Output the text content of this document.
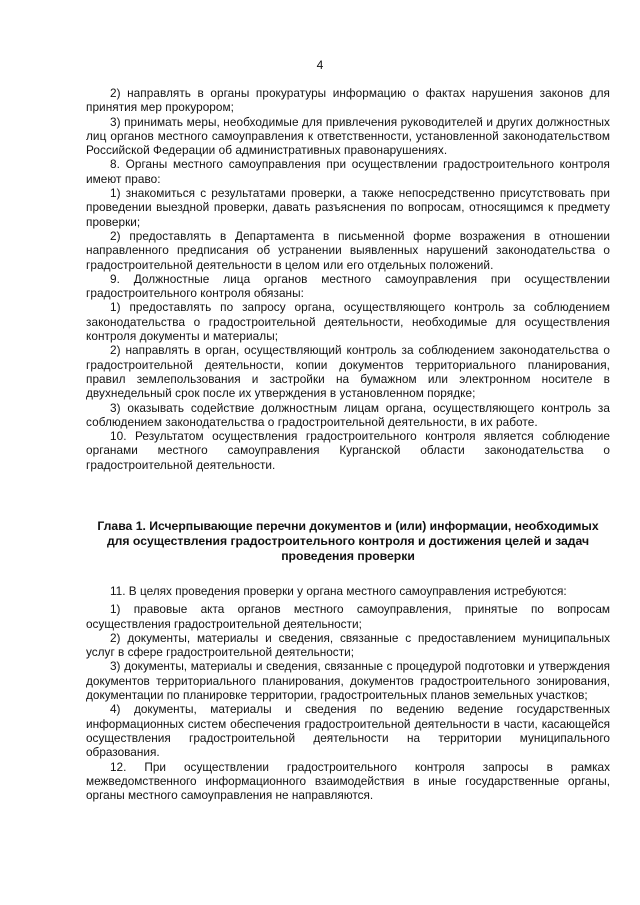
4

2) направлять в органы прокуратуры информацию о фактах нарушения законов для принятия мер прокурором;

3) принимать меры, необходимые для привлечения руководителей и других должностных лиц органов местного самоуправления к ответственности, установленной законодательством Российской Федерации об административных правонарушениях.

8. Органы местного самоуправления при осуществлении градостроительного контроля имеют право:

1) знакомиться с результатами проверки, а также непосредственно присутствовать при проведении выездной проверки, давать разъяснения по вопросам, относящимся к предмету проверки;

2) предоставлять в Департамента в письменной форме возражения в отношении направленного предписания об устранении выявленных нарушений законодательства о градостроительной деятельности в целом или его отдельных положений.

9. Должностные лица органов местного самоуправления при осуществлении градостроительного контроля обязаны:

1) предоставлять по запросу органа, осуществляющего контроль за соблюдением законодательства о градостроительной деятельности, необходимые для осуществления контроля документы и материалы;

2) направлять в орган, осуществляющий контроль за соблюдением законодательства о градостроительной деятельности, копии документов территориального планирования, правил землепользования и застройки на бумажном или электронном носителе в двухнедельный срок после их утверждения в установленном порядке;

3) оказывать содействие должностным лицам органа, осуществляющего контроль за соблюдением законодательства о градостроительной деятельности, в их работе.

10. Результатом осуществления градостроительного контроля является соблюдение органами местного самоуправления Курганской области законодательства о градостроительной деятельности.

Глава 1. Исчерпывающие перечни документов и (или) информации, необходимых для осуществления градостроительного контроля и достижения целей и задач проведения проверки

11. В целях проведения проверки у органа местного самоуправления истребуются:

1) правовые акта органов местного самоуправления, принятые по вопросам осуществления градостроительной деятельности;

2) документы, материалы и сведения, связанные с предоставлением муниципальных услуг в сфере градостроительной деятельности;

3) документы, материалы и сведения, связанные с процедурой подготовки и утверждения документов территориального планирования, документов градостроительного зонирования, документации по планировке территории, градостроительных планов земельных участков;

4) документы, материалы и сведения по ведению ведение государственных информационных систем обеспечения градостроительной деятельности в части, касающейся осуществления градостроительной деятельности на территории муниципального образования.

12. При осуществлении градостроительного контроля запросы в рамках межведомственного информационного взаимодействия в иные государственные органы, органы местного самоуправления не направляются.
